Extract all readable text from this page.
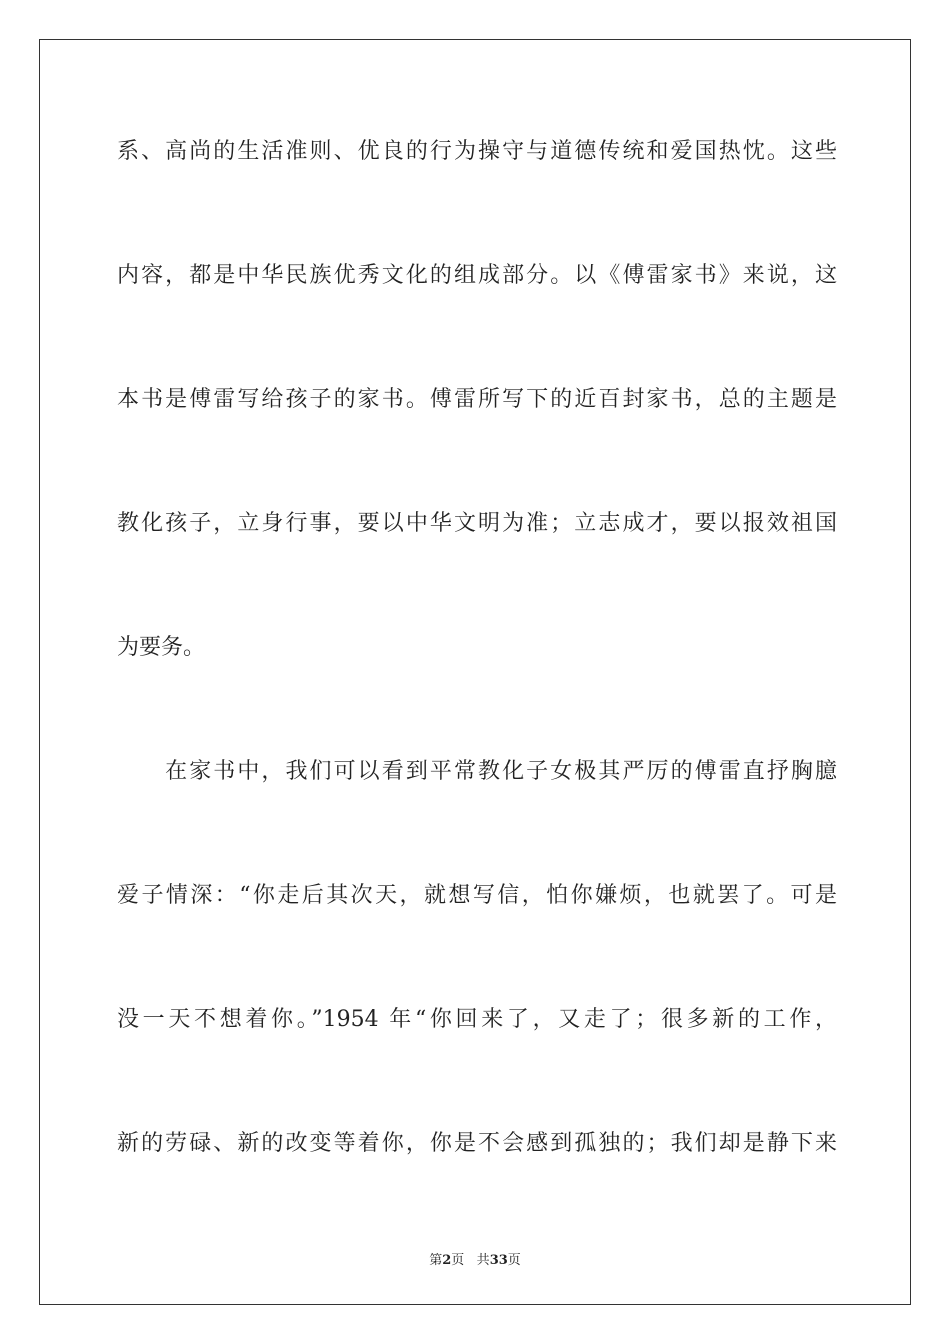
系、高尚的生活准则、优良的行为操守与道德传统和爱国热忱。这些
内容，都是中华民族优秀文化的组成部分。以《傅雷家书》来说，这
本书是傅雷写给孩子的家书。傅雷所写下的近百封家书，总的主题是
教化孩子，立身行事，要以中华文明为准；立志成才，要以报效祖国
为要务。
　　在家书中，我们可以看到平常教化子女极其严厉的傅雷直抒胸臆
爱子情深：“你走后其次天，就想写信，怕你嫌烦，也就罢了。可是
没一天不想着你。”1954 年“你回来了，又走了；很多新的工作，
新的劳碌、新的改变等着你，你是不会感到孤独的；我们却是静下来
第2页 共33页
